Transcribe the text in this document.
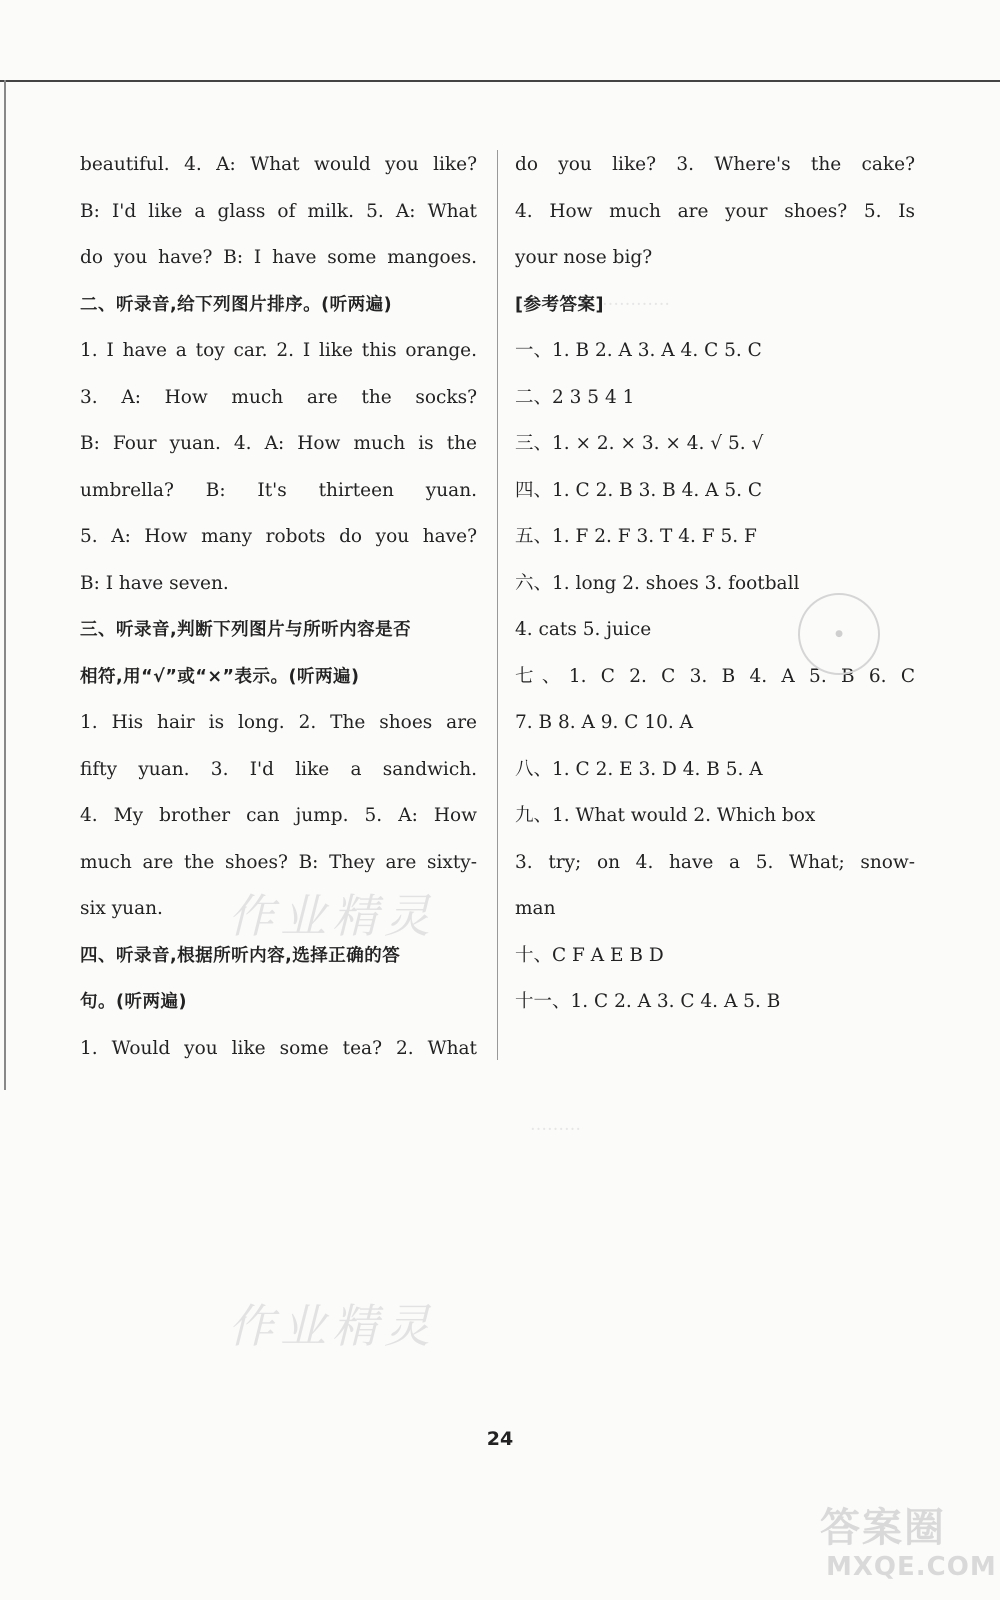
……………
………
beautiful. 4. A: What would you like?
B: I'd like a glass of milk. 5. A: What
do you have? B: I have some mangoes.
二、听录音,给下列图片排序。(听两遍)
1. I have a toy car. 2. I like this orange.
3. A: How much are the socks?
B: Four yuan. 4. A: How much is the
umbrella? B: It's thirteen yuan.
5. A: How many robots do you have?
B: I have seven.
三、听录音,判断下列图片与所听内容是否
相符,用“√”或“×”表示。(听两遍)
1. His hair is long. 2. The shoes are
fifty yuan. 3. I'd like a sandwich.
4. My brother can jump. 5. A: How
much are the shoes? B: They are sixty-
six yuan.
四、听录音,根据所听内容,选择正确的答
句。(听两遍)
1. Would you like some tea? 2. What
do you like? 3. Where's the cake?
4. How much are your shoes? 5. Is
your nose big?
[参考答案]
一、1. B 2. A 3. A 4. C 5. C
二、2 3 5 4 1
三、1. × 2. × 3. × 4. √ 5. √
四、1. C 2. B 3. B 4. A 5. C
五、1. F 2. F 3. T 4. F 5. F
六、1. long 2. shoes 3. football
4. cats 5. juice
七、1. C 2. C 3. B 4. A 5. B 6. C
7. B 8. A 9. C 10. A
八、1. C 2. E 3. D 4. B 5. A
九、1. What would 2. Which box
3. try; on 4. have a 5. What; snow-
man
十、C F A E B D
十一、1. C 2. A 3. C 4. A 5. B
●
作业精灵
作业精灵
24
答案圈
MXQE.COM
